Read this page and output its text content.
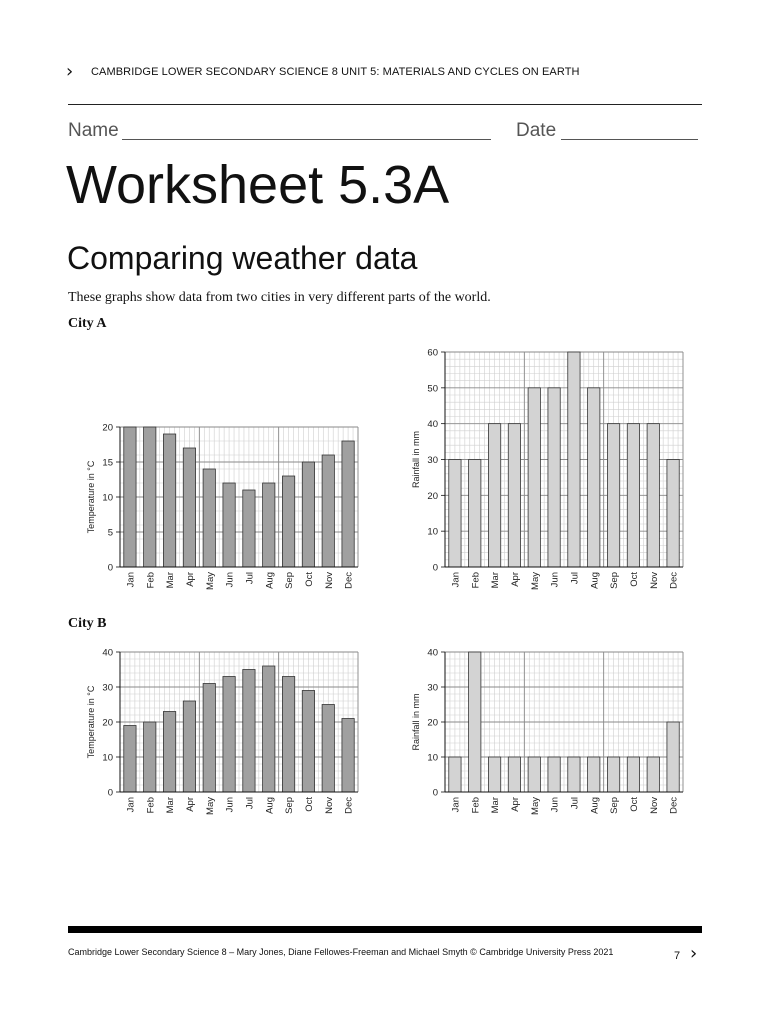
› CAMBRIDGE LOWER SECONDARY SCIENCE 8 UNIT 5: MATERIALS AND CYCLES ON EARTH
Name	Date
Worksheet 5.3A
Comparing weather data
These graphs show data from two cities in very different parts of the world.
City A
City B
0
5
10
15
20
Jan Feb Mar Apr May Jun Jul Aug Sep Oct Nov Dec
Temperature in °C
0
10
20
30
40
50
60
Jan Feb Mar Apr May Jun Jul Aug Sep Oct Nov Dec
Rainfall in mm
0
10
20
30
40
Jan Feb Mar Apr May Jun Jul Aug Sep Oct Nov Dec
Temperature in °C
0
10
20
30
40
Jan Feb Mar Apr May Jun Jul Aug Sep Oct Nov Dec
Rainfall in mm
Cambridge Lower Secondary Science 8 – Mary Jones, Diane Fellowes-Freeman and Michael Smyth © Cambridge University Press 2021	7 ›
